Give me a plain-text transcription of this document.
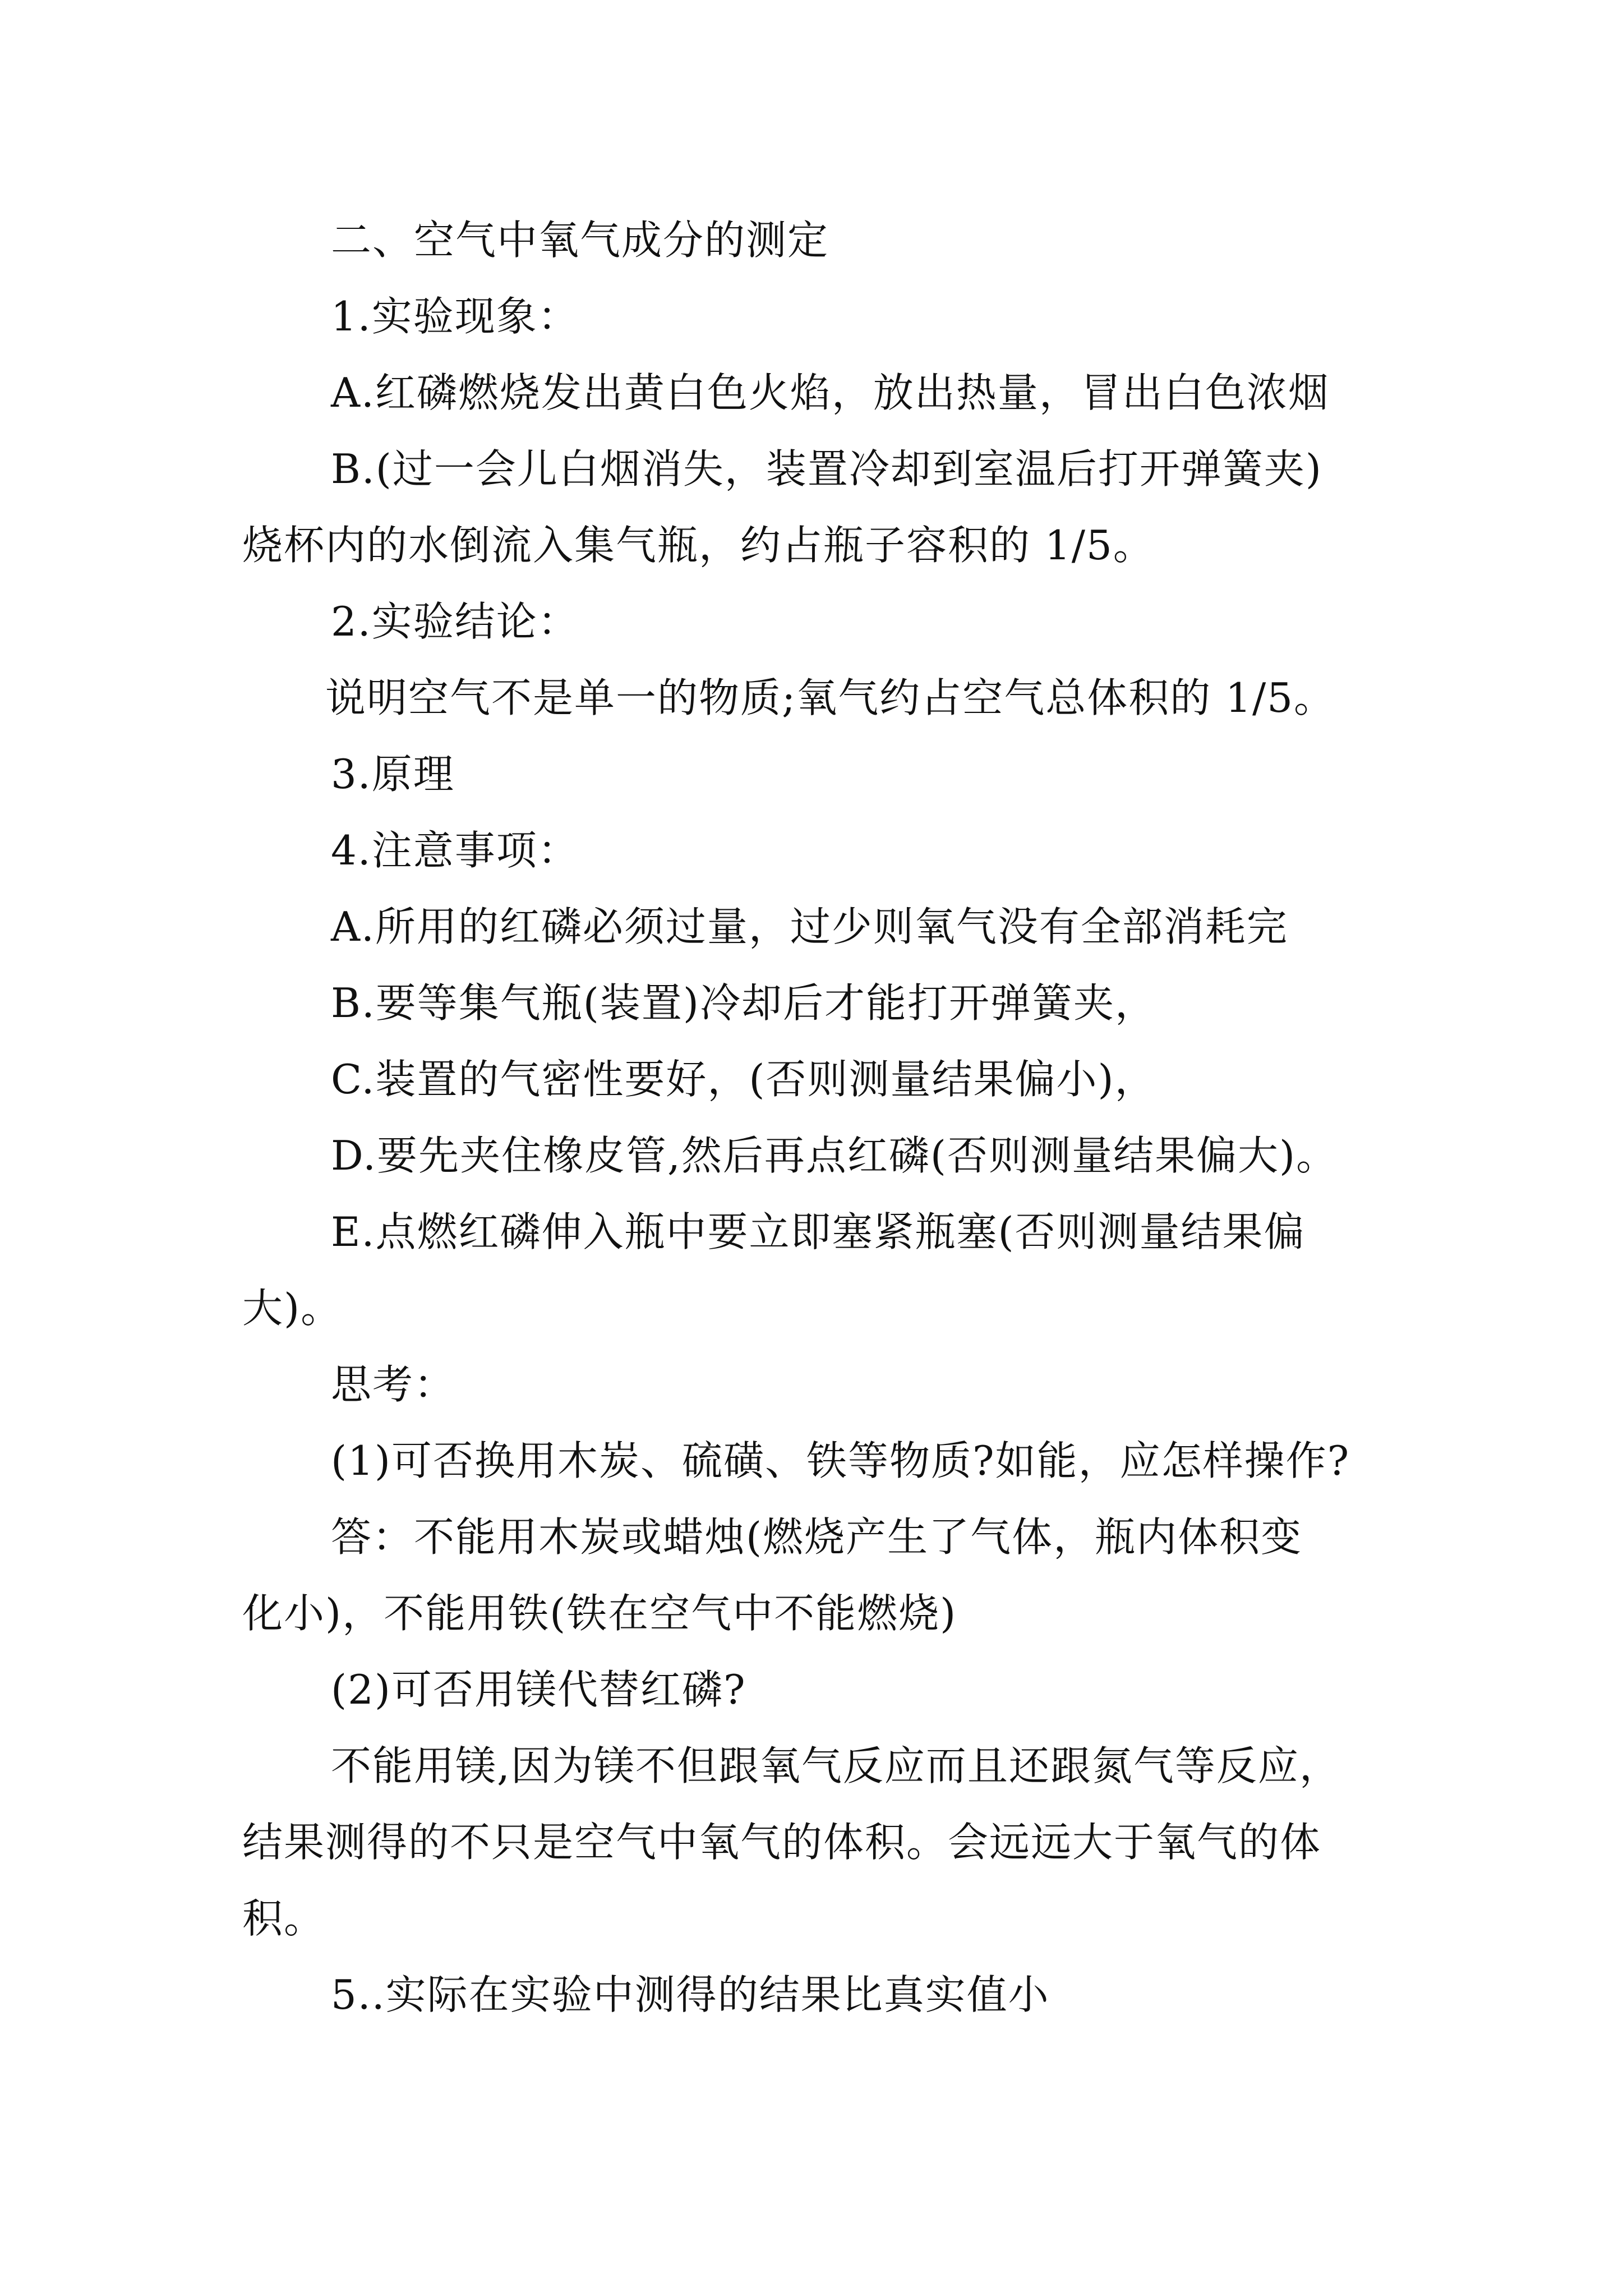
二、空气中氧气成分的测定

1.实验现象：

A.红磷燃烧发出黄白色火焰，放出热量，冒出白色浓烟

B.(过一会儿白烟消失，装置冷却到室温后打开弹簧夹)

烧杯内的水倒流入集气瓶，约占瓶子容积的 1/5。

2.实验结论：

说明空气不是单一的物质;氧气约占空气总体积的 1/5。

3.原理

4.注意事项：

A.所用的红磷必须过量，过少则氧气没有全部消耗完

B.要等集气瓶(装置)冷却后才能打开弹簧夹，

C.装置的气密性要好，(否则测量结果偏小)，

D.要先夹住橡皮管,然后再点红磷(否则测量结果偏大)。

E.点燃红磷伸入瓶中要立即塞紧瓶塞(否则测量结果偏

大)。

思考：

(1)可否换用木炭、硫磺、铁等物质?如能，应怎样操作?

答：不能用木炭或蜡烛(燃烧产生了气体，瓶内体积变

化小)，不能用铁(铁在空气中不能燃烧)

(2)可否用镁代替红磷?

不能用镁,因为镁不但跟氧气反应而且还跟氮气等反应，

结果测得的不只是空气中氧气的体积。会远远大于氧气的体

积。

5..实际在实验中测得的结果比真实值小
